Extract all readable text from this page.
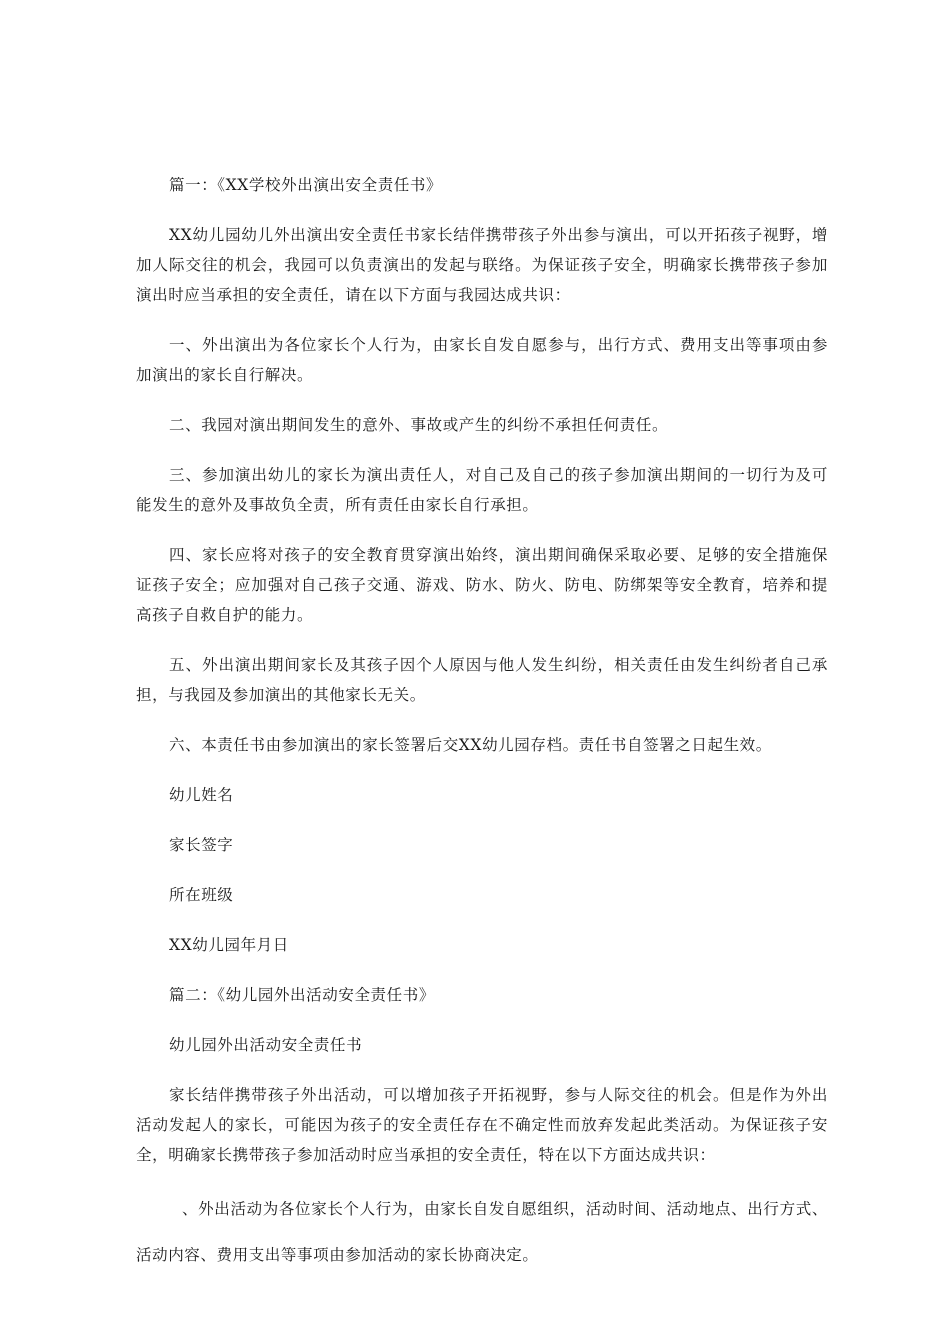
篇一：《XX学校外出演出安全责任书》

XX幼儿园幼儿外出演出安全责任书家长结伴携带孩子外出参与演出，可以开拓孩子视野，增加人际交往的机会，我园可以负责演出的发起与联络。为保证孩子安全，明确家长携带孩子参加演出时应当承担的安全责任，请在以下方面与我园达成共识：

一、外出演出为各位家长个人行为，由家长自发自愿参与，出行方式、费用支出等事项由参加演出的家长自行解决。

二、我园对演出期间发生的意外、事故或产生的纠纷不承担任何责任。

三、参加演出幼儿的家长为演出责任人，对自己及自己的孩子参加演出期间的一切行为及可能发生的意外及事故负全责，所有责任由家长自行承担。

四、家长应将对孩子的安全教育贯穿演出始终，演出期间确保采取必要、足够的安全措施保证孩子安全；应加强对自己孩子交通、游戏、防水、防火、防电、防绑架等安全教育，培养和提高孩子自救自护的能力。

五、外出演出期间家长及其孩子因个人原因与他人发生纠纷，相关责任由发生纠纷者自己承担，与我园及参加演出的其他家长无关。

六、本责任书由参加演出的家长签署后交XX幼儿园存档。责任书自签署之日起生效。

幼儿姓名

家长签字

所在班级

XX幼儿园年月日

篇二：《幼儿园外出活动安全责任书》

幼儿园外出活动安全责任书

家长结伴携带孩子外出活动，可以增加孩子开拓视野，参与人际交往的机会。但是作为外出活动发起人的家长，可能因为孩子的安全责任存在不确定性而放弃发起此类活动。为保证孩子安全，明确家长携带孩子参加活动时应当承担的安全责任，特在以下方面达成共识：

、外出活动为各位家长个人行为，由家长自发自愿组织，活动时间、活动地点、出行方式、活动内容、费用支出等事项由参加活动的家长协商决定。
